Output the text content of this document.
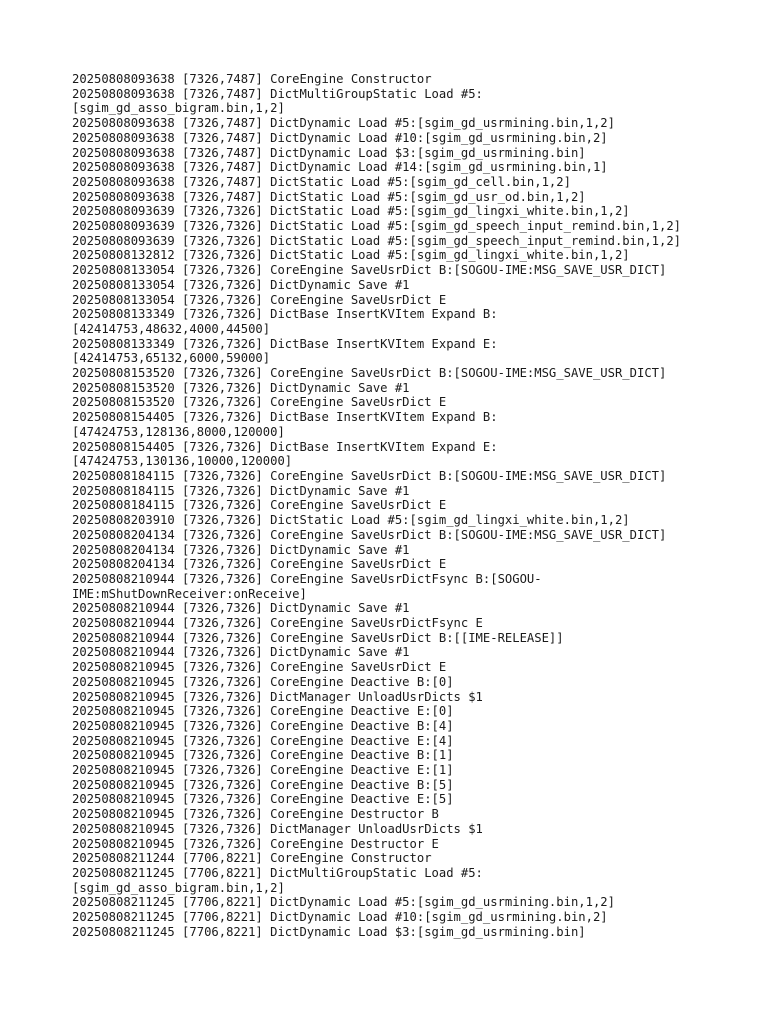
20250808093638 [7326,7487] CoreEngine Constructor
20250808093638 [7326,7487] DictMultiGroupStatic Load #5:
[sgim_gd_asso_bigram.bin,1,2]
20250808093638 [7326,7487] DictDynamic Load #5:[sgim_gd_usrmining.bin,1,2]
20250808093638 [7326,7487] DictDynamic Load #10:[sgim_gd_usrmining.bin,2]
20250808093638 [7326,7487] DictDynamic Load $3:[sgim_gd_usrmining.bin]
20250808093638 [7326,7487] DictDynamic Load #14:[sgim_gd_usrmining.bin,1]
20250808093638 [7326,7487] DictStatic Load #5:[sgim_gd_cell.bin,1,2]
20250808093638 [7326,7487] DictStatic Load #5:[sgim_gd_usr_od.bin,1,2]
20250808093639 [7326,7326] DictStatic Load #5:[sgim_gd_lingxi_white.bin,1,2]
20250808093639 [7326,7326] DictStatic Load #5:[sgim_gd_speech_input_remind.bin,1,2]
20250808093639 [7326,7326] DictStatic Load #5:[sgim_gd_speech_input_remind.bin,1,2]
20250808132812 [7326,7326] DictStatic Load #5:[sgim_gd_lingxi_white.bin,1,2]
20250808133054 [7326,7326] CoreEngine SaveUsrDict B:[SOGOU-IME:MSG_SAVE_USR_DICT]
20250808133054 [7326,7326] DictDynamic Save #1
20250808133054 [7326,7326] CoreEngine SaveUsrDict E
20250808133349 [7326,7326] DictBase InsertKVItem Expand B:
[42414753,48632,4000,44500]
20250808133349 [7326,7326] DictBase InsertKVItem Expand E:
[42414753,65132,6000,59000]
20250808153520 [7326,7326] CoreEngine SaveUsrDict B:[SOGOU-IME:MSG_SAVE_USR_DICT]
20250808153520 [7326,7326] DictDynamic Save #1
20250808153520 [7326,7326] CoreEngine SaveUsrDict E
20250808154405 [7326,7326] DictBase InsertKVItem Expand B:
[47424753,128136,8000,120000]
20250808154405 [7326,7326] DictBase InsertKVItem Expand E:
[47424753,130136,10000,120000]
20250808184115 [7326,7326] CoreEngine SaveUsrDict B:[SOGOU-IME:MSG_SAVE_USR_DICT]
20250808184115 [7326,7326] DictDynamic Save #1
20250808184115 [7326,7326] CoreEngine SaveUsrDict E
20250808203910 [7326,7326] DictStatic Load #5:[sgim_gd_lingxi_white.bin,1,2]
20250808204134 [7326,7326] CoreEngine SaveUsrDict B:[SOGOU-IME:MSG_SAVE_USR_DICT]
20250808204134 [7326,7326] DictDynamic Save #1
20250808204134 [7326,7326] CoreEngine SaveUsrDict E
20250808210944 [7326,7326] CoreEngine SaveUsrDictFsync B:[SOGOU-
IME:mShutDownReceiver:onReceive]
20250808210944 [7326,7326] DictDynamic Save #1
20250808210944 [7326,7326] CoreEngine SaveUsrDictFsync E
20250808210944 [7326,7326] CoreEngine SaveUsrDict B:[[IME-RELEASE]]
20250808210944 [7326,7326] DictDynamic Save #1
20250808210945 [7326,7326] CoreEngine SaveUsrDict E
20250808210945 [7326,7326] CoreEngine Deactive B:[0]
20250808210945 [7326,7326] DictManager UnloadUsrDicts $1
20250808210945 [7326,7326] CoreEngine Deactive E:[0]
20250808210945 [7326,7326] CoreEngine Deactive B:[4]
20250808210945 [7326,7326] CoreEngine Deactive E:[4]
20250808210945 [7326,7326] CoreEngine Deactive B:[1]
20250808210945 [7326,7326] CoreEngine Deactive E:[1]
20250808210945 [7326,7326] CoreEngine Deactive B:[5]
20250808210945 [7326,7326] CoreEngine Deactive E:[5]
20250808210945 [7326,7326] CoreEngine Destructor B
20250808210945 [7326,7326] DictManager UnloadUsrDicts $1
20250808210945 [7326,7326] CoreEngine Destructor E
20250808211244 [7706,8221] CoreEngine Constructor
20250808211245 [7706,8221] DictMultiGroupStatic Load #5:
[sgim_gd_asso_bigram.bin,1,2]
20250808211245 [7706,8221] DictDynamic Load #5:[sgim_gd_usrmining.bin,1,2]
20250808211245 [7706,8221] DictDynamic Load #10:[sgim_gd_usrmining.bin,2]
20250808211245 [7706,8221] DictDynamic Load $3:[sgim_gd_usrmining.bin]
